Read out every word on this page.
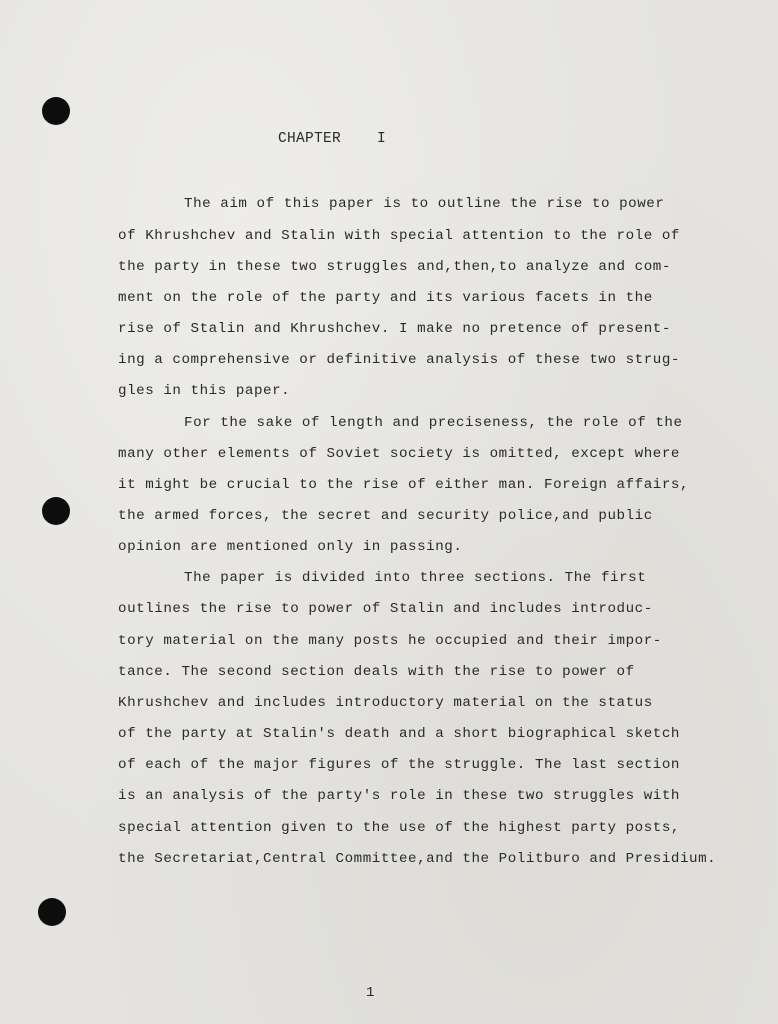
CHAPTER    I
The aim of this paper is to outline the rise to power
of Khrushchev and Stalin with special attention to the role of
the party in these two struggles and,then,to analyze and com-
ment on the role of the party and its various facets in the
rise of Stalin and Khrushchev. I make no pretence of present-
ing a comprehensive or definitive analysis of these two strug-
gles in this paper.
For the sake of length and preciseness, the role of the
many other elements of Soviet society is omitted, except where
it might be crucial to the rise of either man. Foreign affairs,
the armed forces, the secret and security police,and public
opinion are mentioned only in passing.
The paper is divided into three sections. The first
outlines the rise to power of Stalin and includes introduc-
tory material on the many posts he occupied and their impor-
tance. The second section deals with the rise to power of
Khrushchev and includes introductory material on the status
of the party at Stalin's death and a short biographical sketch
of each of the major figures of the struggle. The last section
is an analysis of the party's role in these two struggles with
special attention given to the use of the highest party posts,
the Secretariat,Central Committee,and the Politburo and Presidium.
1
